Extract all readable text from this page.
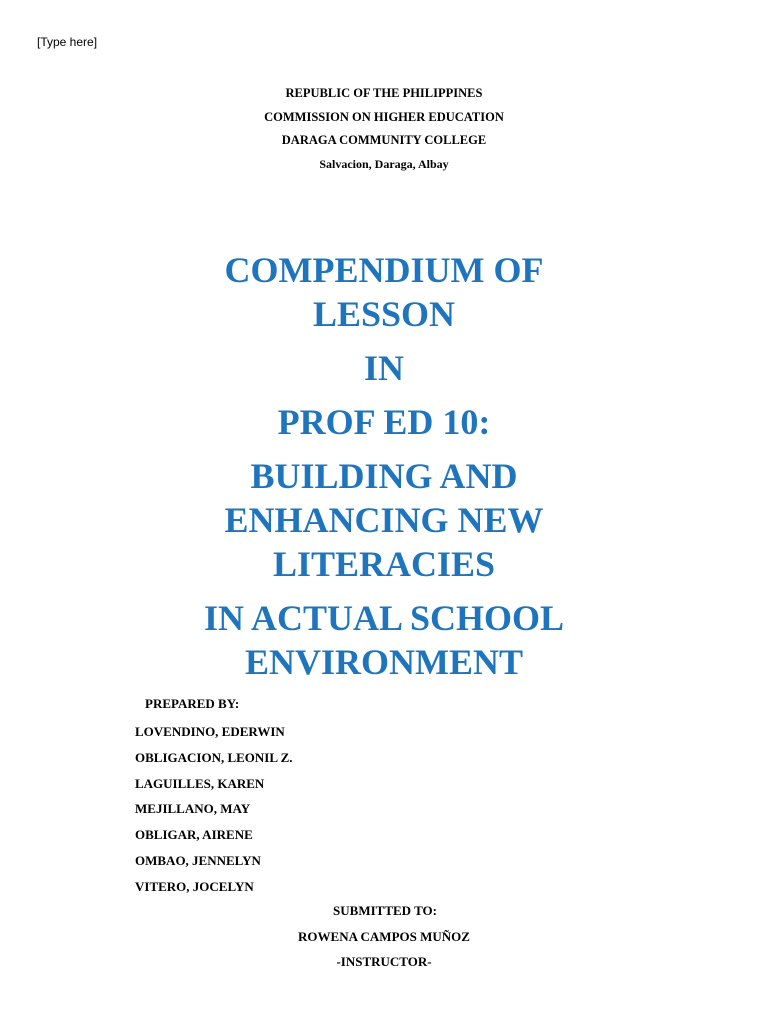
[Type here]
REPUBLIC OF THE PHILIPPINES
COMMISSION ON HIGHER EDUCATION
DARAGA COMMUNITY COLLEGE
Salvacion, Daraga, Albay
COMPENDIUM OF
LESSON
IN
PROF ED 10:
BUILDING AND
ENHANCING NEW
LITERACIES
IN ACTUAL SCHOOL
ENVIRONMENT
PREPARED BY:
LOVENDINO, EDERWIN
OBLIGACION, LEONIL Z.
LAGUILLES, KAREN
MEJILLANO, MAY
OBLIGAR, AIRENE
OMBAO, JENNELYN
VITERO, JOCELYN
SUBMITTED TO:
ROWENA CAMPOS MUÑOZ
-INSTRUCTOR-
